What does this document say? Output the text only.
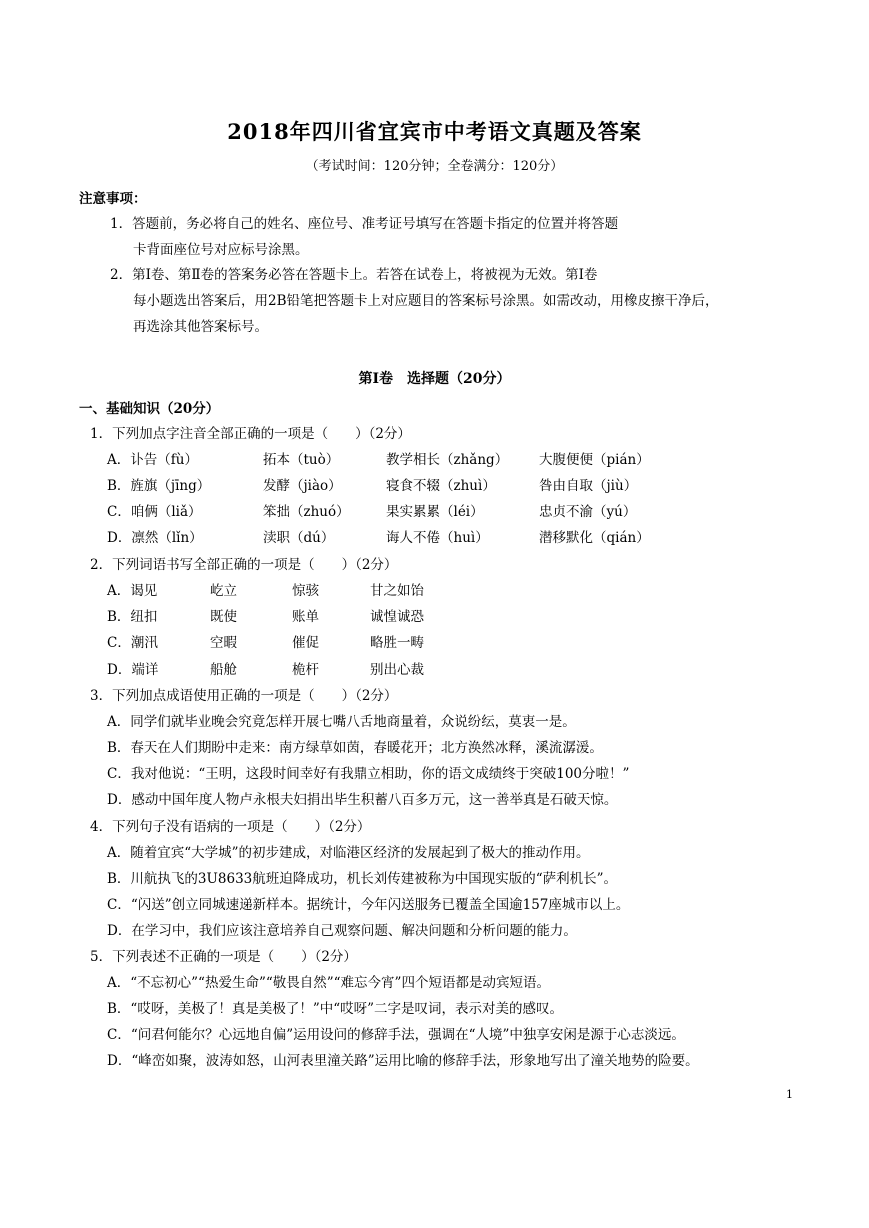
2018年四川省宜宾市中考语文真题及答案
（考试时间：120分钟；全卷满分：120分）
注意事项：
1．答题前，务必将自己的姓名、座位号、准考证号填写在答题卡指定的位置并将答题
卡背面座位号对应标号涂黑。
2．第Ⅰ卷、第Ⅱ卷的答案务必答在答题卡上。若答在试卷上，将被视为无效。第Ⅰ卷
每小题选出答案后，用2B铅笔把答题卡上对应题目的答案标号涂黑。如需改动，用橡皮擦干净后，
再选涂其他答案标号。
第Ⅰ卷　选择题（20分）
一、基础知识（20分）
1．下列加点字注音全部正确的一项是（　　）（2分）
A．讣告（fù）	拓本（tuò）	教学相长（zhǎng） 大腹便便（pián）
B．旌旗（jīng）	发酵（jiào）	寝食不辍（zhuì）	咎由自取（jiù）
C．咱俩（liǎ）	笨拙（zhuó）	果实累累（léi）	忠贞不渝（yú）
D．凛然（lǐn）	渎职（dú）	诲人不倦（huì）	潜移默化（qián）
2．下列词语书写全部正确的一项是（　　）（2分）
A．谒见	屹立	惊骇	甘之如饴
B．纽扣	既使	账单	诚惶诚恐
C．潮汛	空暇	催促	略胜一畴
D．端详	船舱	桅杆	别出心裁
3．下列加点成语使用正确的一项是（　　）（2分）
A．同学们就毕业晚会究竟怎样开展七嘴八舌地商量着，众说纷纭，莫衷一是。
B．春天在人们期盼中走来：南方绿草如茵，春暖花开；北方涣然冰释，溪流潺湲。
C．我对他说：“王明，这段时间幸好有我鼎立相助，你的语文成绩终于突破100分啦！”
D．感动中国年度人物卢永根夫妇捐出毕生积蓄八百多万元，这一善举真是石破天惊。
4．下列句子没有语病的一项是（　　）（2分）
A．随着宜宾“大学城”的初步建成，对临港区经济的发展起到了极大的推动作用。
B．川航执飞的3U8633航班迫降成功，机长刘传建被称为中国现实版的“萨利机长”。
C．“闪送”创立同城速递新样本。据统计，今年闪送服务已覆盖全国逾157座城市以上。
D．在学习中，我们应该注意培养自己观察问题、解决问题和分析问题的能力。
5．下列表述不正确的一项是（　　）（2分）
A．“不忘初心”“热爱生命”“敬畏自然”“难忘今宵”四个短语都是动宾短语。
B．“哎呀，美极了！真是美极了！”中“哎呀”二字是叹词，表示对美的感叹。
C．“问君何能尔？心远地自偏”运用设问的修辞手法，强调在“人境”中独享安闲是源于心志淡远。
D．“峰峦如聚，波涛如怒，山河表里潼关路”运用比喻的修辞手法，形象地写出了潼关地势的险要。
1
